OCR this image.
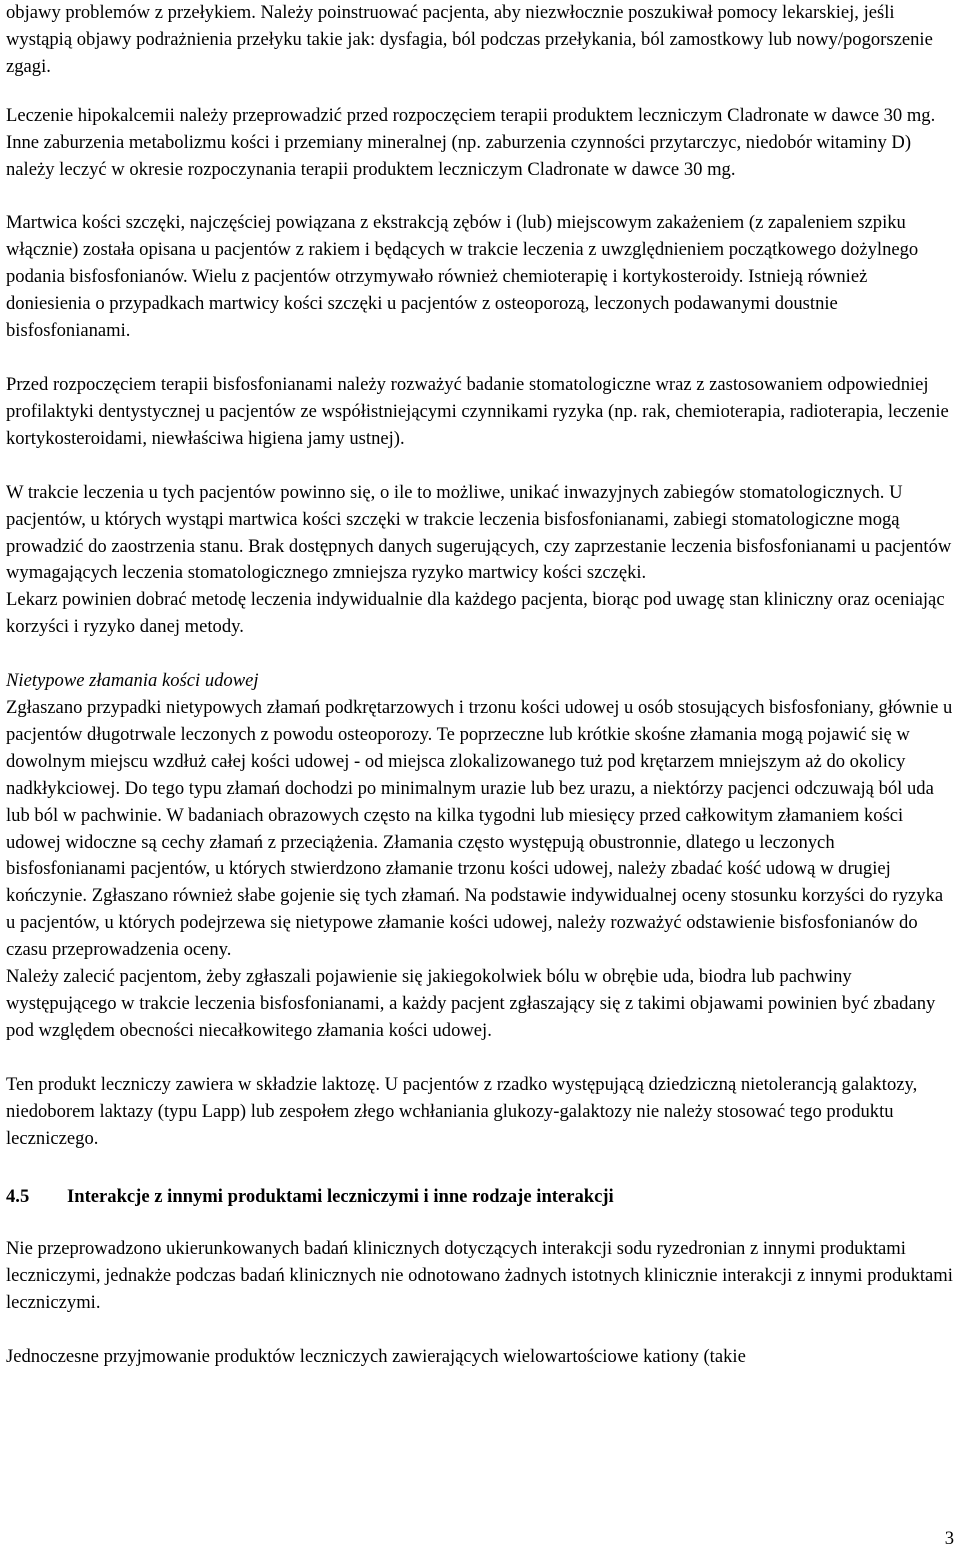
objawy problemów z przełykiem. Należy poinstruować pacjenta, aby niezwłocznie poszukiwał pomocy lekarskiej, jeśli wystąpią objawy podrażnienia przełyku takie jak: dysfagia, ból podczas przełykania, ból zamostkowy lub nowy/pogorszenie zgagi.

Leczenie hipokalcemii należy przeprowadzić przed rozpoczęciem terapii produktem leczniczym Cladronate w dawce 30 mg. Inne zaburzenia metabolizmu kości i przemiany mineralnej (np. zaburzenia czynności przytarczyc, niedobór witaminy D) należy leczyć w okresie rozpoczynania terapii produktem leczniczym Cladronate w dawce 30 mg.

Martwica kości szczęki, najczęściej powiązana z ekstrakcją zębów i (lub) miejscowym zakażeniem (z zapaleniem szpiku włącznie) została opisana u pacjentów z rakiem i będących w trakcie leczenia z uwzględnieniem początkowego dożylnego podania bisfosfonianów. Wielu z pacjentów otrzymywało również chemioterapię i kortykosteroidy. Istnieją również doniesienia o przypadkach martwicy kości szczęki u pacjentów z osteoporozą, leczonych podawanymi doustnie bisfosfonianami.

Przed rozpoczęciem terapii bisfosfonianami należy rozważyć badanie stomatologiczne wraz z zastosowaniem odpowiedniej profilaktyki dentystycznej u pacjentów ze współistniejącymi czynnikami ryzyka (np. rak, chemioterapia, radioterapia, leczenie kortykosteroidami, niewłaściwa higiena jamy ustnej).

W trakcie leczenia u tych pacjentów powinno się, o ile to możliwe, unikać inwazyjnych zabiegów stomatologicznych. U pacjentów, u których wystąpi martwica kości szczęki w trakcie leczenia bisfosfonianami, zabiegi stomatologiczne mogą prowadzić do zaostrzenia stanu. Brak dostępnych danych sugerujących, czy zaprzestanie leczenia bisfosfonianami u pacjentów wymagających leczenia stomatologicznego zmniejsza ryzyko martwicy kości szczęki.

Lekarz powinien dobrać metodę leczenia indywidualnie dla każdego pacjenta, biorąc pod uwagę stan kliniczny oraz oceniając korzyści i ryzyko danej metody.

Nietypowe złamania kości udowej

Zgłaszano przypadki nietypowych złamań podkrętarzowych i trzonu kości udowej u osób stosujących bisfosfoniany, głównie u pacjentów długotrwale leczonych z powodu osteoporozy. Te poprzeczne lub krótkie skośne złamania mogą pojawić się w dowolnym miejscu wzdłuż całej kości udowej - od miejsca zlokalizowanego tuż pod krętarzem mniejszym aż do okolicy nadkłykciowej. Do tego typu złamań dochodzi po minimalnym urazie lub bez urazu, a niektórzy pacjenci odczuwają ból uda lub ból w pachwinie. W badaniach obrazowych często na kilka tygodni lub miesięcy przed całkowitym złamaniem kości udowej widoczne są cechy złamań z przeciążenia. Złamania często występują obustronnie, dlatego u leczonych bisfosfonianami pacjentów, u których stwierdzono złamanie trzonu kości udowej, należy zbadać kość udową w drugiej kończynie. Zgłaszano również słabe gojenie się tych złamań. Na podstawie indywidualnej oceny stosunku korzyści do ryzyka u pacjentów, u których podejrzewa się nietypowe złamanie kości udowej, należy rozważyć odstawienie bisfosfonianów do czasu przeprowadzenia oceny.

Należy zalecić pacjentom, żeby zgłaszali pojawienie się jakiegokolwiek bólu w obrębie uda, biodra lub pachwiny występującego w trakcie leczenia bisfosfonianami, a każdy pacjent zgłaszający się z takimi objawami powinien być zbadany pod względem obecności niecałkowitego złamania kości udowej.

Ten produkt leczniczy zawiera w składzie laktozę. U pacjentów z rzadko występującą dziedziczną nietolerancją galaktozy, niedoborem laktazy (typu Lapp) lub zespołem złego wchłaniania glukozy-galaktozy nie należy stosować tego produktu leczniczego.

4.5	Interakcje z innymi produktami leczniczymi i inne rodzaje interakcji

Nie przeprowadzono ukierunkowanych badań klinicznych dotyczących interakcji sodu ryzedronian z innymi produktami leczniczymi, jednakże podczas badań klinicznych nie odnotowano żadnych istotnych klinicznie interakcji z innymi produktami leczniczymi.

Jednoczesne przyjmowanie produktów leczniczych zawierających wielowartościowe kationy (takie

3
